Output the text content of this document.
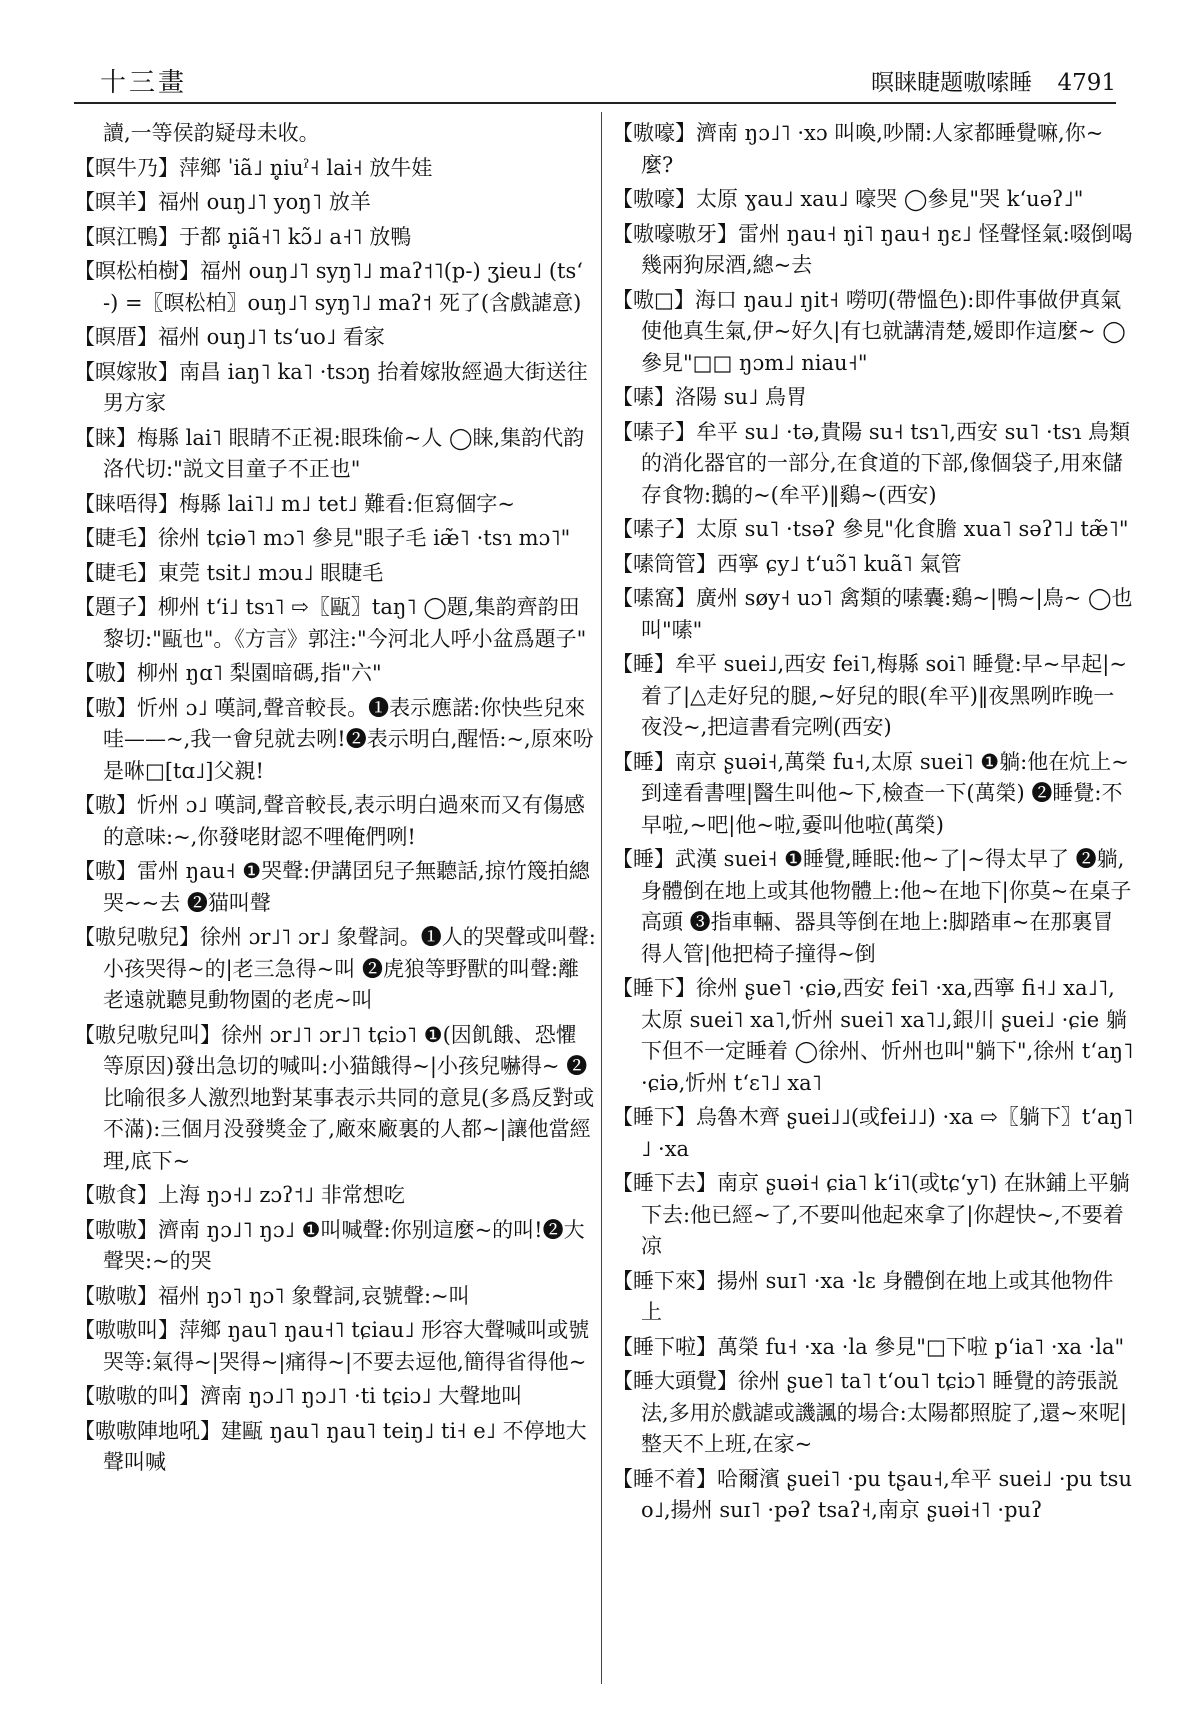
十三畫	暝睐睫题嗷嗦睡 4791

讀,一等侯韵疑母未收。

【暝牛乃】萍鄉 ˈiã˩ n̥iuˀ˧ lai˧ 放牛娃

【暝羊】福州 ouŋ˩˥ yoŋ˥ 放羊

【暝江鴨】于都 n̥iã˧˥ kɔ̃˩ a˧˥ 放鴨

【暝松柏樹】福州 ouŋ˩˥ syŋ˥˩ maʔ˦˥(p-) ʒieu˩ (tsʻ-) =〖暝松柏〗ouŋ˩˥ syŋ˥˩ maʔ˦ 死了(含戲謔意)

【暝厝】福州 ouŋ˩˥ tsʻuo˩ 看家

【暝嫁妝】南昌 iaŋ˥ ka˥ ·tsɔŋ 抬着嫁妝經過大街送往男方家

【睐】梅縣 lai˥ 眼睛不正視:眼珠偷~人 ◯睐,集韵代韵洛代切:"説文目童子不正也"

【睐唔得】梅縣 lai˥˩ m˩ tet˩ 難看:佢寫個字~

【睫毛】徐州 tɕiə˥ mɔ˥ 參見"眼子毛 iæ̃˥ ·tsɿ mɔ˥"

【睫毛】東莞 tsit˩ mɔu˩ 眼睫毛

【題子】柳州 tʻi˩ tsɿ˥ ⇨〖甌〗taŋ˥ ◯題,集韵齊韵田黎切:"甌也"。《方言》郭注:"今河北人呼小盆爲題子"

【嗷】柳州 ŋɑ˥ 梨園暗碼,指"六"

【嗷】忻州 ɔ˩ 嘆詞,聲音較長。❶表示應諾:你快些兒來哇——~,我一會兒就去咧!❷表示明白,醒悟:~,原來吩是咻□[tɑ˩]父親!

【嗷】忻州 ɔ˩ 嘆詞,聲音較長,表示明白過來而又有傷感的意味:~,你發咾財認不哩俺們咧!

【嗷】雷州 ŋau˧ ❶哭聲:伊講囝兒子無聽話,掠竹篾拍總哭~~去 ❷猫叫聲

【嗷兒嗷兒】徐州 ɔr˩˥ ɔr˩ 象聲詞。❶人的哭聲或叫聲:小孩哭得~的|老三急得~叫 ❷虎狼等野獸的叫聲:離老遠就聽見動物園的老虎~叫

【嗷兒嗷兒叫】徐州 ɔr˩˥ ɔr˩˥ tɕiɔ˥ ❶(因飢餓、恐懼等原因)發出急切的喊叫:小猫餓得~|小孩兒嚇得~ ❷比喻很多人激烈地對某事表示共同的意見(多爲反對或不滿):三個月没發獎金了,廠來廠裏的人都~|讓他當經理,底下~

【嗷食】上海 ŋɔ˧˩ zɔʔ˦˩ 非常想吃

【嗷嗷】濟南 ŋɔ˩˥ ŋɔ˩ ❶叫喊聲:你别這麼~的叫!❷大聲哭:~的哭

【嗷嗷】福州 ŋɔ˥ ŋɔ˥ 象聲詞,哀號聲:~叫

【嗷嗷叫】萍鄉 ŋau˥ ŋau˧˥ tɕiau˩ 形容大聲喊叫或號哭等:氣得~|哭得~|痛得~|不要去逗他,簡得省得他~

【嗷嗷的叫】濟南 ŋɔ˩˥ ŋɔ˩˥ ·ti tɕiɔ˩ 大聲地叫

【嗷嗷陣地吼】建甌 ŋau˥ ŋau˥ teiŋ˩ ti˧ e˩ 不停地大聲叫喊

【嗷嚎】濟南 ŋɔ˩˥ ·xɔ 叫喚,吵鬧:人家都睡覺嘛,你~麼?

【嗷嚎】太原 ɣau˩ xau˩ 嚎哭 ◯參見"哭 kʻuəʔ˩"

【嗷嚎嗷牙】雷州 ŋau˧ ŋi˥ ŋau˧ ŋɛ˩ 怪聲怪氣:啜倒喝幾兩狗尿酒,總~去

【嗷□】海口 ŋau˩ ŋit˧ 嘮叨(帶慍色):即件事做伊真氣使他真生氣,伊~好久|有乜就講清楚,嫒即作這麼~ ◯參見"□□ ŋɔm˩ niau˧"

【嗉】洛陽 su˩ 鳥胃

【嗉子】牟平 su˩ ·tə,貴陽 su˧ tsɿ˥,西安 su˥ ·tsɿ 鳥類的消化器官的一部分,在食道的下部,像個袋子,用來儲存食物:鵝的~(牟平)‖鷄~(西安)

【嗉子】太原 su˥ ·tsəʔ 參見"化食膽 xua˥ səʔ˥˩ tæ̃˥"

【嗉筒管】西寧 ɕy˩ tʻuɔ̃˥ kuã˥ 氣管

【嗉窩】廣州 søy˧ uɔ˥ 禽類的嗉囊:鷄~|鴨~|鳥~ ◯也叫"嗉"

【睡】牟平 suei˩,西安 fei˥,梅縣 soi˥ 睡覺:早~早起|~着了|△走好兒的腿,~好兒的眼(牟平)‖夜黑咧昨晚一夜没~,把這書看完咧(西安)

【睡】南京 ʂuəi˧,萬榮 fu˧,太原 suei˥ ❶躺:他在炕上~到達看書哩|醫生叫他~下,檢查一下(萬榮) ❷睡覺:不早啦,~吧|他~啦,嫑叫他啦(萬榮)

【睡】武漢 suei˧ ❶睡覺,睡眠:他~了|~得太早了 ❷躺,身體倒在地上或其他物體上:他~在地下|你莫~在桌子高頭 ❸指車輛、器具等倒在地上:脚踏車~在那裏冒得人管|他把椅子撞得~倒

【睡下】徐州 ʂue˥ ·ɕiə,西安 fei˥ ·xa,西寧 fi˧˩ xa˩˥,太原 suei˥ xa˥,忻州 suei˥ xa˥˩,銀川 ʂuei˩ ·ɕie 躺下但不一定睡着 ◯徐州、忻州也叫"躺下",徐州 tʻaŋ˥ ·ɕiə,忻州 tʻɛ˥˩ xa˥

【睡下】烏魯木齊 ʂuei˩˩(或fei˩˩) ·xa ⇨〖躺下〗tʻaŋ˥˩ ·xa

【睡下去】南京 ʂuəi˧ ɕia˥ kʻi˥(或tɕʻy˥) 在牀鋪上平躺下去:他已經~了,不要叫他起來拿了|你趕快~,不要着凉

【睡下來】揚州 suɪ˥ ·xa ·lɛ 身體倒在地上或其他物件上

【睡下啦】萬榮 fu˧ ·xa ·la 參見"□下啦 pʻia˥ ·xa ·la"

【睡大頭覺】徐州 ʂue˥ ta˥ tʻou˥ tɕiɔ˥ 睡覺的誇張説法,多用於戲謔或譏諷的場合:太陽都照腚了,還~來呢|整天不上班,在家~

【睡不着】哈爾濱 ʂuei˥ ·pu tʂau˧,牟平 suei˩ ·pu tsuo˩,揚州 suɪ˥ ·pəʔ tsaʔ˧,南京 ʂuəi˧˥ ·puʔ
